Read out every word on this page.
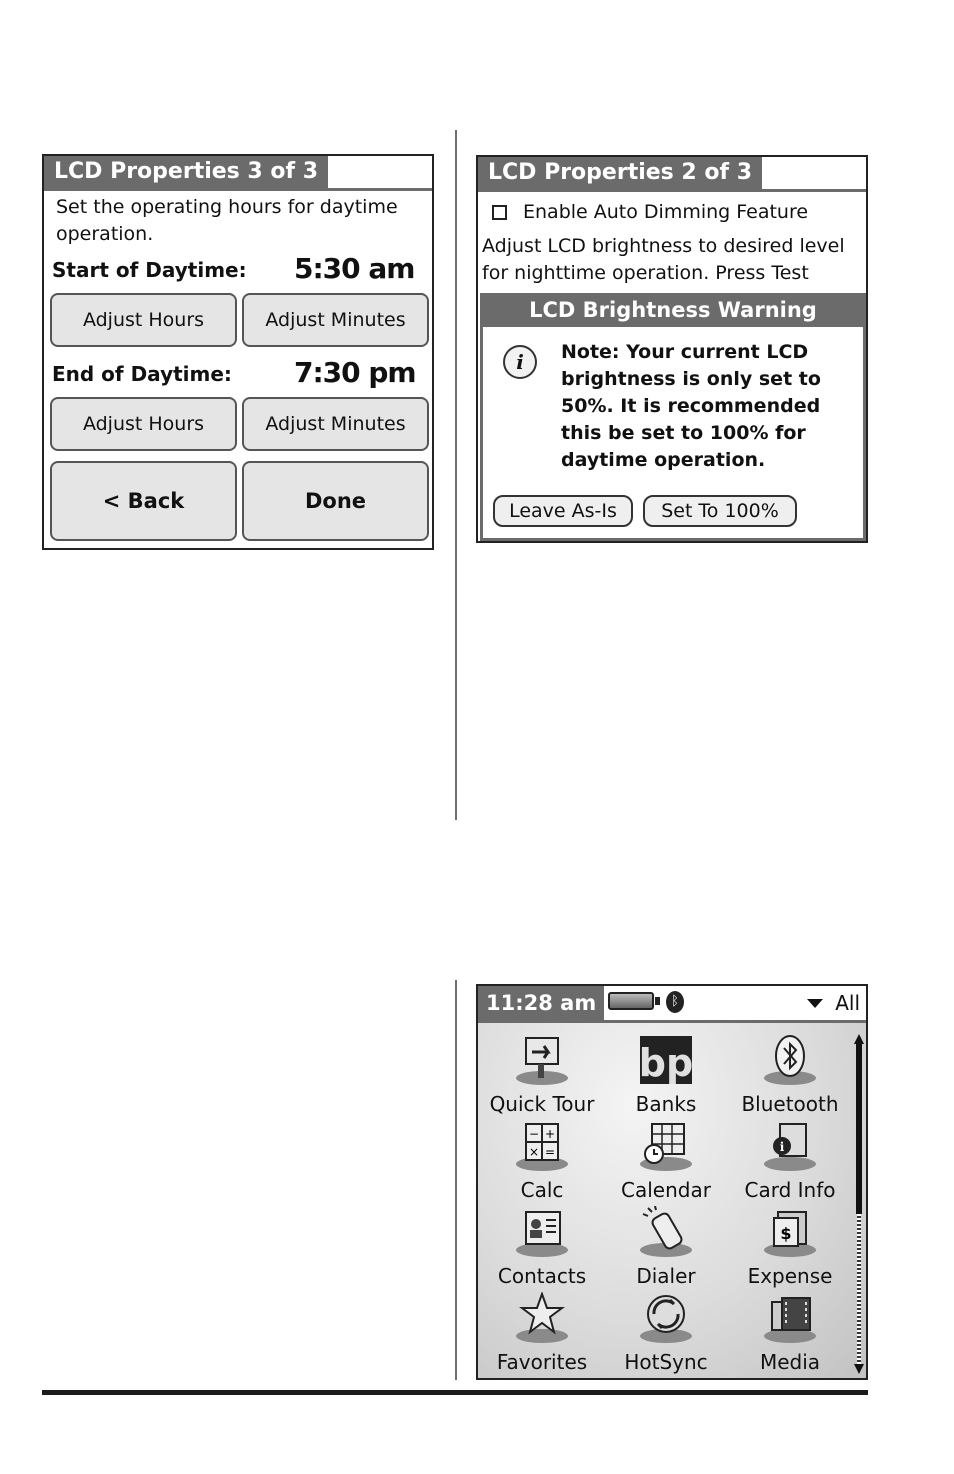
LCD Properties 3 of 3
Set the operating hours for daytime operation.
Start of Daytime: 5:30 am
Adjust Hours	Adjust Minutes
End of Daytime: 7:30 pm
Adjust Hours	Adjust Minutes
< Back	Done
LCD Properties 2 of 3
Enable Auto Dimming Feature
Adjust LCD brightness to desired level for nighttime operation. Press Test
LCD Brightness Warning
i	Note: Your current LCD brightness is only set to 50%. It is recommended this be set to 100% for daytime operation.
Leave As-Is	Set To 100%
11:28 am	ᛒ	All
Quick Tour
bp
Banks	Bluetooth
− +
× =
Calc	Calendar
i
Card Info
Contacts	Dialer
$
Expense
Favorites	HotSync	Media
